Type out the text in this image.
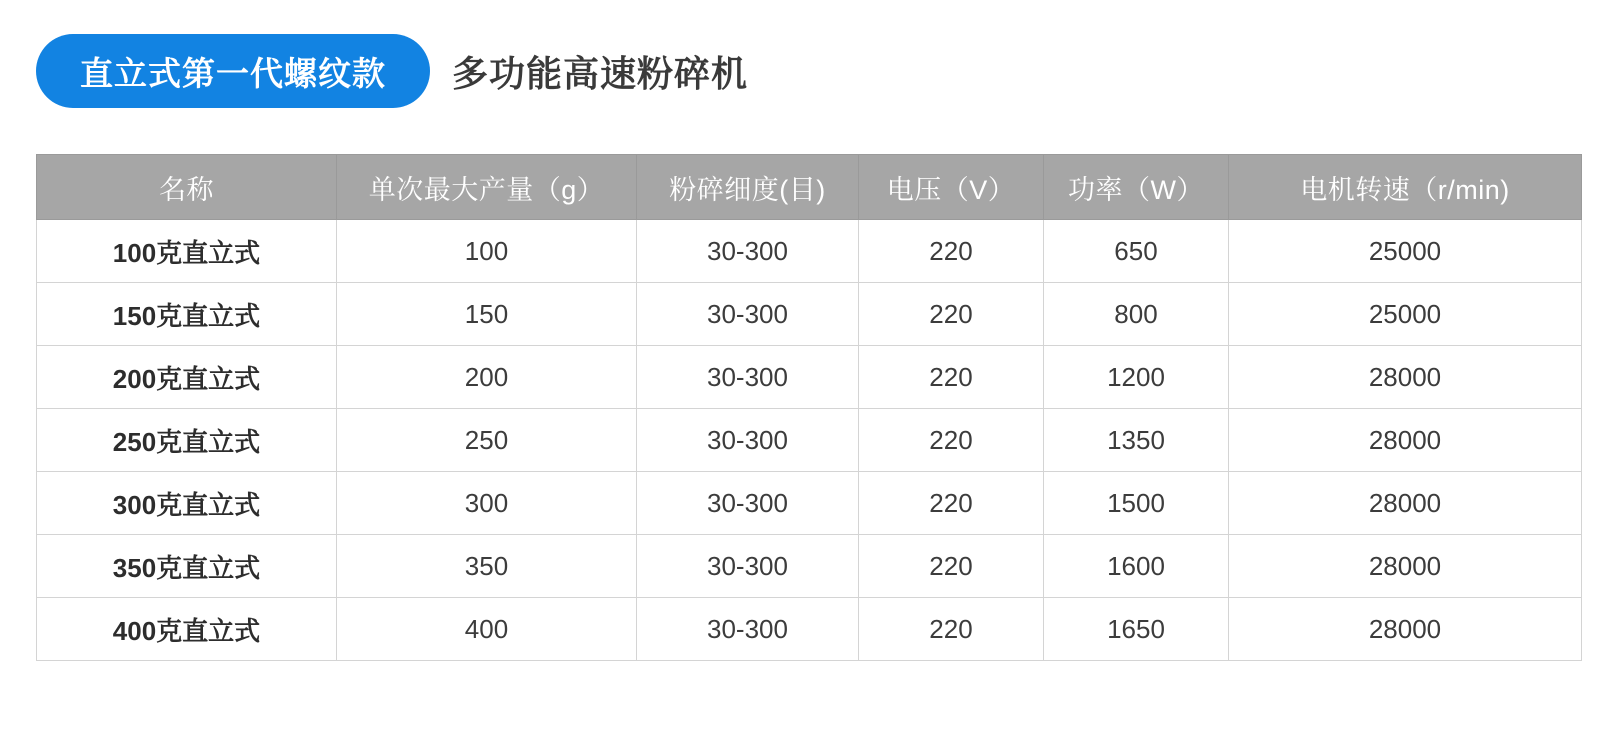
直立式第一代螺纹款	多功能高速粉碎机
名称	单次最大产量（g）	粉碎细度(目)	电压（V）	功率（W）	电机转速（r/min)
100克直立式	100	30-300	220	650	25000
150克直立式	150	30-300	220	800	25000
200克直立式	200	30-300	220	1200	28000
250克直立式	250	30-300	220	1350	28000
300克直立式	300	30-300	220	1500	28000
350克直立式	350	30-300	220	1600	28000
400克直立式	400	30-300	220	1650	28000
